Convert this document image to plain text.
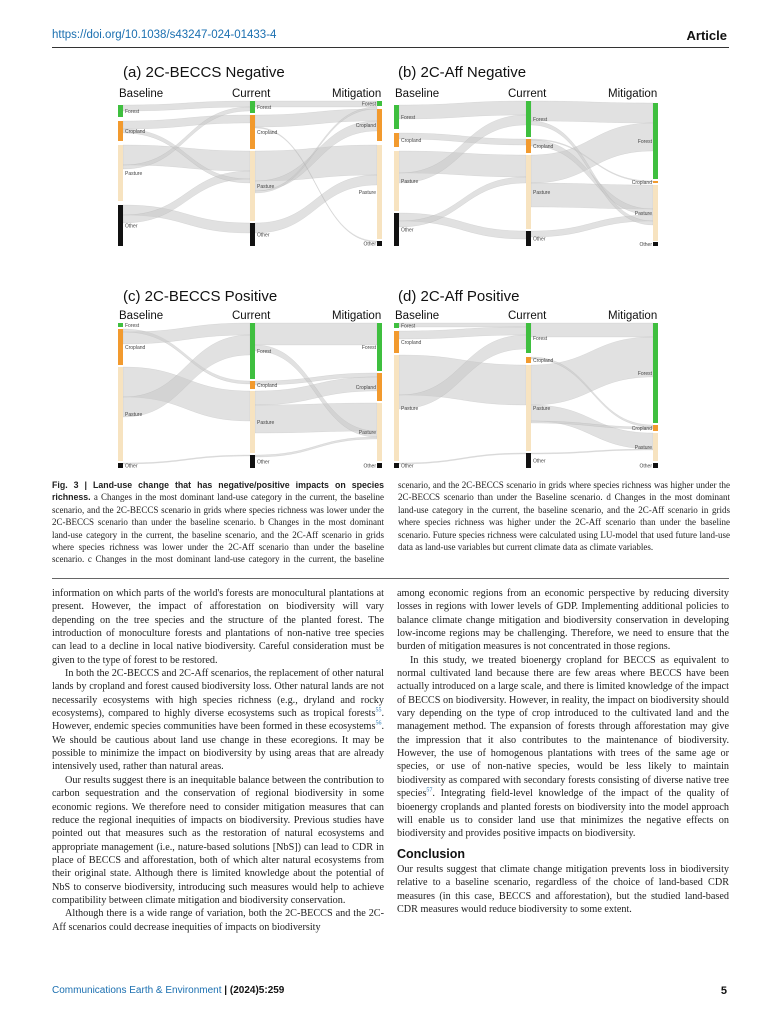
https://doi.org/10.1038/s43247-024-01433-4	Article
(a) 2C-BECCS Negative	(b) 2C-Aff Negative
(c) 2C-BECCS Positive	(d) 2C-Aff Positive
Baseline	Current	Mitigation Baseline	Current	Mitigation
Baseline	Current	Mitigation Baseline	Current	Mitigation
Forest
Cropland
Pasture
Other
Forest
Cropland
Pasture
Other
Forest
Cropland
Pasture
Other
Forest
Cropland
Pasture
Other
Forest
Cropland
Pasture
Other
Forest
Cropland
Pasture
Other
Forest
Cropland
Pasture
Other
Forest
Cropland
Pasture
Other
Forest
Cropland
Pasture
Other
Forest
Cropland
Pasture
Other
Forest
Cropland
Pasture
Other
Forest
Cropland
Pasture
Other
Fig. 3 | Land-use change that has negative/positive impacts on species richness. a Changes in the most dominant land-use category in the current, the baseline scenario, and the 2C-BECCS scenario in grids where species richness was lower under the 2C-BECCS scenario than under the baseline scenario. b Changes in the most dominant land-use category in the current, the baseline scenario, and the 2C-Aff scenario in grids where species richness was lower under the 2C-Aff scenario than under the baseline scenario. c Changes in the most dominant land-use category in the current, the baseline scenario, and the 2C-BECCS scenario in grids where species richness was higher under the 2C-BECCS scenario than under the Baseline scenario. d Changes in the most dominant land-use category in the current, the baseline scenario, and the 2C-Aff scenario in grids where species richness was higher under the 2C-Aff scenario than under the baseline scenario. Future species richness were calculated using LU-model that used future land-use data as land-use variables but current climate data as climate variables.

information on which parts of the world's forests are monocultural plantations at present. However, the impact of afforestation on biodiversity will vary depending on the tree species and the structure of the planted forest. The introduction of monoculture forests and plantations of non-native tree species can lead to a decline in local native biodiversity. Careful consideration must be given to the type of forest to be restored.

In both the 2C-BECCS and 2C-Aff scenarios, the replacement of other natural lands by cropland and forest caused biodiversity loss. Other natural lands are not necessarily ecosystems with high species richness (e.g., dryland and rocky ecosystems), compared to highly diverse ecosystems such as tropical forests$^{55}$. However, endemic species communities have been formed in these ecosystems$^{56}$. We should be cautious about land use change in these ecoregions. It may be possible to minimize the impact on biodiversity by using areas that are already intensively used, rather than natural areas.

Our results suggest there is an inequitable balance between the contribution to carbon sequestration and the conservation of regional biodiversity in some economic regions. We therefore need to consider mitigation measures that can reduce the regional inequities of impacts on biodiversity. Previous studies have pointed out that measures such as the restoration of natural ecosystems and appropriate management (i.e., nature-based solutions [NbS]) can lead to CDR in place of BECCS and afforestation, both of which alter natural ecosystems from their original state. Although there is limited knowledge about the potential of NbS to conserve biodiversity, introducing such measures would help to achieve compatibility between climate mitigation and biodiversity conservation.

Although there is a wide range of variation, both the 2C-BECCS and the 2C-Aff scenarios could decrease inequities of impacts on biodiversity

among economic regions from an economic perspective by reducing diversity losses in regions with lower levels of GDP. Implementing additional policies to balance climate change mitigation and biodiversity conservation in developing low-income regions may be challenging. Therefore, we need to ensure that the burden of mitigation measures is not concentrated in those regions.

In this study, we treated bioenergy cropland for BECCS as equivalent to normal cultivated land because there are few areas where BECCS have been actually introduced on a large scale, and there is limited knowledge of the impact of BECCS on biodiversity. However, in reality, the impact on biodiversity should vary depending on the type of crop introduced to the cultivated land and the management method. The expansion of forests through afforestation may give the impression that it also contributes to the maintenance of biodiversity. However, the use of homogenous plantations with trees of the same age or species, or use of non-native species, would be less likely to maintain biodiversity as compared with secondary forests consisting of diverse native tree species$^{57}$. Integrating field-level knowledge of the impact of the quality of bioenergy croplands and planted forests on biodiversity into the model approach will enable us to consider land use that minimizes the negative effects on biodiversity and provides positive impacts on biodiversity.

Conclusion

Our results suggest that climate change mitigation prevents loss in biodiversity relative to a baseline scenario, regardless of the choice of land-based CDR measures (in this case, BECCS and afforestation), but the studied land-based CDR measures would reduce biodiversity to some extent.

Communications Earth & Environment | (2024)5:259	5
